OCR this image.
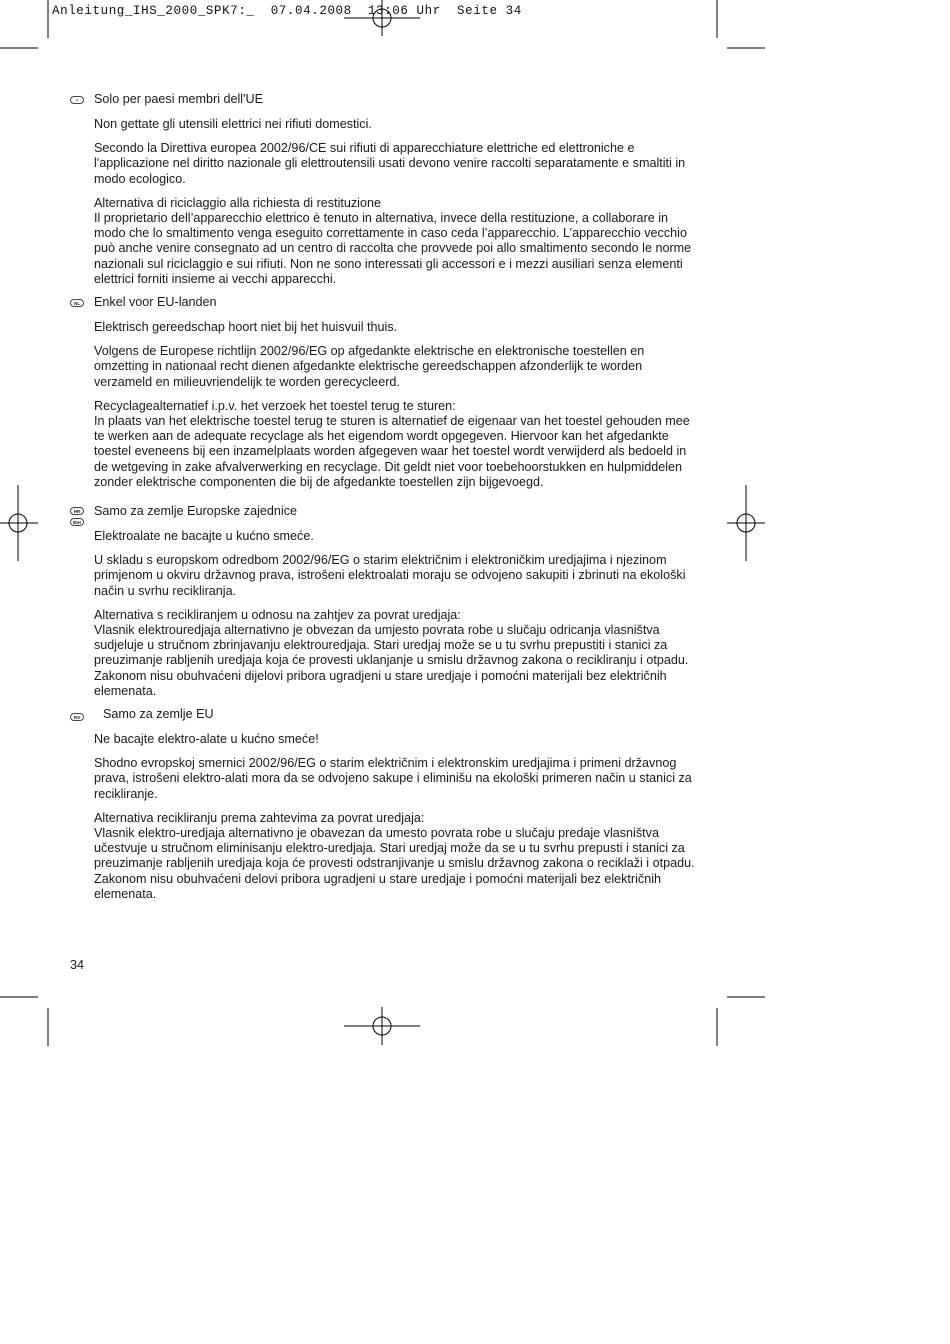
Anleitung_IHS_2000_SPK7:_  07.04.2008  13:06 Uhr  Seite 34
I	Solo per paesi membri dell'UE

Non gettate gli utensili elettrici nei rifiuti domestici.

Secondo la Direttiva europea 2002/96/CE sui rifiuti di apparecchiature elettriche ed elettroniche e l'applicazione nel diritto nazionale gli elettroutensili usati devono venire raccolti separatamente e smaltiti in modo ecologico.

Alternativa di riciclaggio alla richiesta di restituzione

Il proprietario dell’apparecchio elettrico è tenuto in alternativa, invece della restituzione, a collaborare in modo che lo smaltimento venga eseguito correttamente in caso ceda l’apparecchio. L’apparecchio vecchio può anche venire consegnato ad un centro di raccolta che provvede poi allo smaltimento secondo le norme nazionali sul riciclaggio e sui rifiuti. Non ne sono interessati gli accessori e i mezzi ausiliari senza elementi elettrici forniti insieme ai vecchi apparecchi.

NL	Enkel voor EU-landen

Elektrisch gereedschap hoort niet bij het huisvuil thuis.

Volgens de Europese richtlijn 2002/96/EG op afgedankte elektrische en elektronische toestellen en omzetting in nationaal recht dienen afgedankte elektrische gereedschappen afzonderlijk te worden verzameld en milieuvriendelijk te worden gerecycleerd.

Recyclagealternatief i.p.v. het verzoek het toestel terug te sturen:

In plaats van het elektrische toestel terug te sturen is alternatief de eigenaar van het toestel gehouden mee te werken aan de adequate recyclage als het eigendom wordt opgegeven. Hiervoor kan het afgedankte toestel eveneens bij een inzamelplaats worden afgegeven waar het toestel wordt verwijderd als bedoeld in de wetgeving in zake afvalverwerking en recyclage. Dit geldt niet voor toebehoorstukken en hulpmiddelen zonder elektrische componenten die bij de afgedankte toestellen zijn bijgevoegd.

HR
BIH
Samo za zemlje Europske zajednice

Elektroalate ne bacajte u kućno smeće.

U skladu s europskom odredbom 2002/96/EG o starim električnim i elektroničkim uredjajima i njezinom primjenom u okviru državnog prava, istrošeni elektroalati moraju se odvojeno sakupiti i zbrinuti na ekološki način u svrhu recikliranja.

Alternativa s recikliranjem u odnosu na zahtjev za povrat uredjaja:

Vlasnik elektrouredjaja alternativno je obvezan da umjesto povrata robe u slučaju odricanja vlasništva sudjeluje u stručnom zbrinjavanju elektrouredjaja. Stari uredjaj može se u tu svrhu prepustiti i stanici za preuzimanje rabljenih uredjaja koja će provesti uklanjanje u smislu državnog zakona o recikliranju i otpadu. Zakonom nisu obuhvaćeni dijelovi pribora ugradjeni u stare uredjaje i pomoćni materijali bez električnih elemenata.

RS	Samo za zemlje EU

Ne bacajte elektro-alate u kućno smeće!

Shodno evropskoj smernici 2002/96/EG o starim električnim i elektronskim uredjajima i primeni državnog prava, istrošeni elektro-alati mora da se odvojeno sakupe i eliminišu na ekološki primeren način u stanici za recikliranje.

Alternativa recikliranju prema zahtevima za povrat uredjaja:

Vlasnik elektro-uredjaja alternativno je obavezan da umesto povrata robe u slučaju predaje vlasništva učestvuje u stručnom eliminisanju elektro-uredjaja. Stari uredjaj može da se u tu svrhu prepusti i stanici za preuzimanje rabljenih uredjaja koja će provesti odstranjivanje u smislu državnog zakona o reciklaži i otpadu. Zakonom nisu obuhvaćeni delovi pribora ugradjeni u stare uredjaje i pomoćni materijali bez električnih elemenata.

34
